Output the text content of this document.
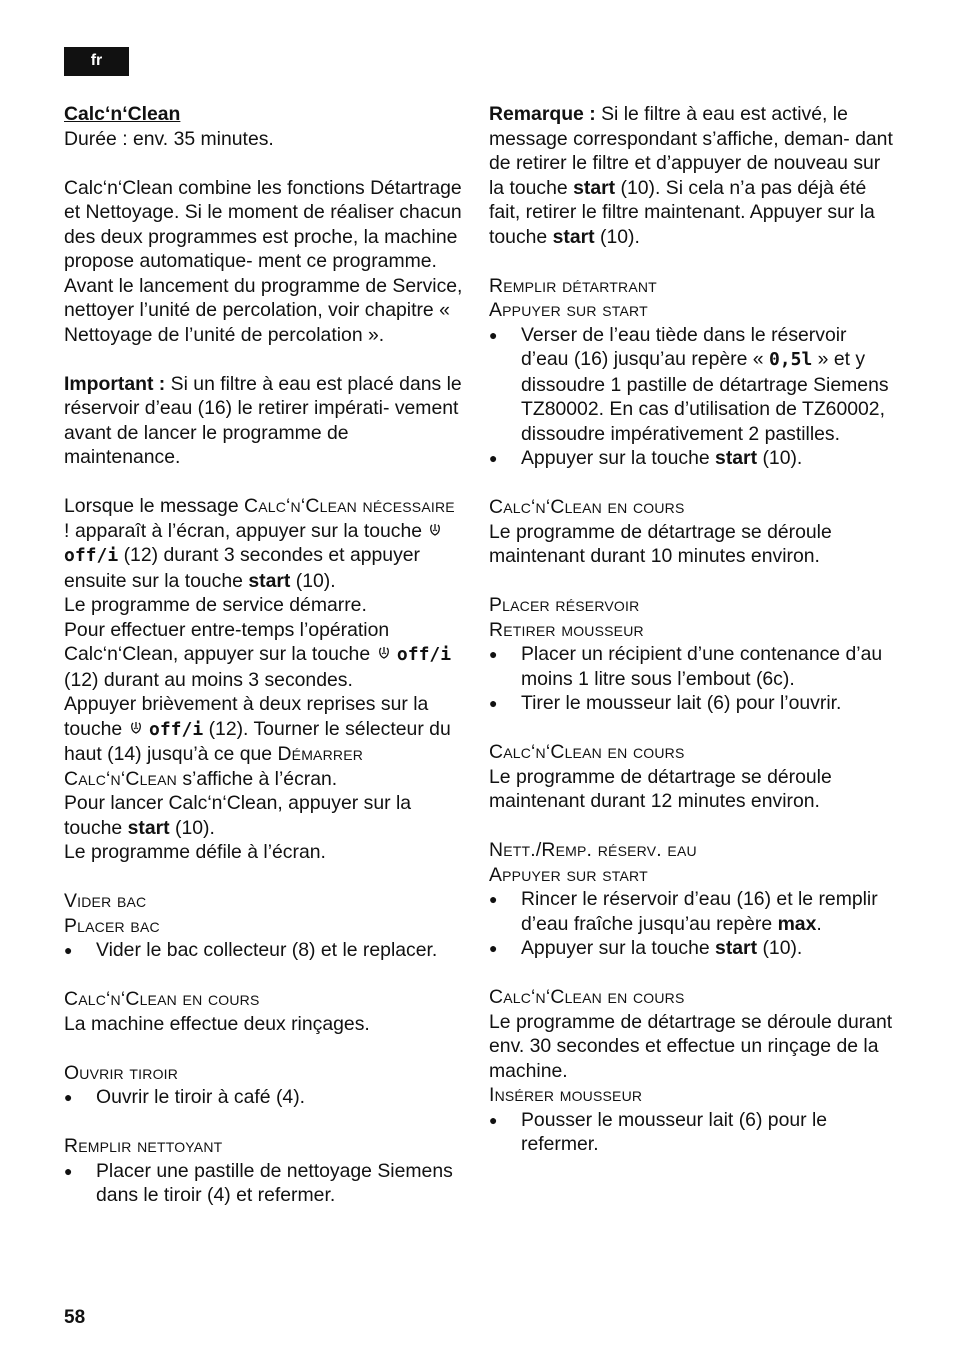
fr

Calc‘n‘Clean

Durée : env. 35 minutes.

Calc‘n‘Clean combine les fonctions Détartrage et Nettoyage. Si le moment de réaliser chacun des deux programmes est proche, la machine propose automatique- ment ce programme. Avant le lancement du programme de Service, nettoyer l’unité de percolation, voir chapitre « Nettoyage de l’unité de percolation ».

Important : Si un filtre à eau est placé dans le réservoir d’eau (16) le retirer impérati- vement avant de lancer le programme de maintenance.

Lorsque le message Calc‘n‘Clean nécessaire ! apparaît à l’écran, appuyer sur la touche  off/i (12) durant 3 secondes et appuyer ensuite sur la touche start (10).

Le programme de service démarre.

Pour effectuer entre-temps l’opération Calc‘n‘Clean, appuyer sur la touche  off/i (12) durant au moins 3 secondes.

Appuyer brièvement à deux reprises sur la touche  off/i (12). Tourner le sélecteur du haut (14) jusqu’à ce que Démarrer Calc‘n‘Clean s’affiche à l’écran.

Pour lancer Calc‘n‘Clean, appuyer sur la touche start (10).

Le programme défile à l’écran.

Vider bac

Placer bac

● Vider le bac collecteur (8) et le replacer.

Calc‘n‘Clean en cours

La machine effectue deux rinçages.

Ouvrir tiroir

● Ouvrir le tiroir à café (4).

Remplir nettoyant

● Placer une pastille de nettoyage Siemens dans le tiroir (4) et refermer.

Remarque : Si le filtre à eau est activé, le message correspondant s’affiche, deman- dant de retirer le filtre et d’appuyer de nouveau sur la touche start (10). Si cela n’a pas déjà été fait, retirer le filtre maintenant. Appuyer sur la touche start (10).

Remplir détartrant

Appuyer sur start

● Verser de l’eau tiède dans le réservoir d’eau (16) jusqu’au repère « 0,5l » et y dissoudre 1 pastille de détartrage Siemens TZ80002. En cas d’utilisation de TZ60002, dissoudre impérativement 2 pastilles.

● Appuyer sur la touche start (10).

Calc‘n‘Clean en cours

Le programme de détartrage se déroule maintenant durant 10 minutes environ.

Placer réservoir

Retirer mousseur

● Placer un récipient d’une contenance d’au moins 1 litre sous l’embout (6c).

● Tirer le mousseur lait (6) pour l’ouvrir.

Calc‘n‘Clean en cours

Le programme de détartrage se déroule maintenant durant 12 minutes environ.

Nett./Remp. réserv. eau

Appuyer sur start

● Rincer le réservoir d’eau (16) et le remplir d’eau fraîche jusqu’au repère max.

● Appuyer sur la touche start (10).

Calc‘n‘Clean en cours

Le programme de détartrage se déroule durant env. 30 secondes et effectue un rinçage de la machine.

Insérer mousseur

● Pousser le mousseur lait (6) pour le refermer.

58
